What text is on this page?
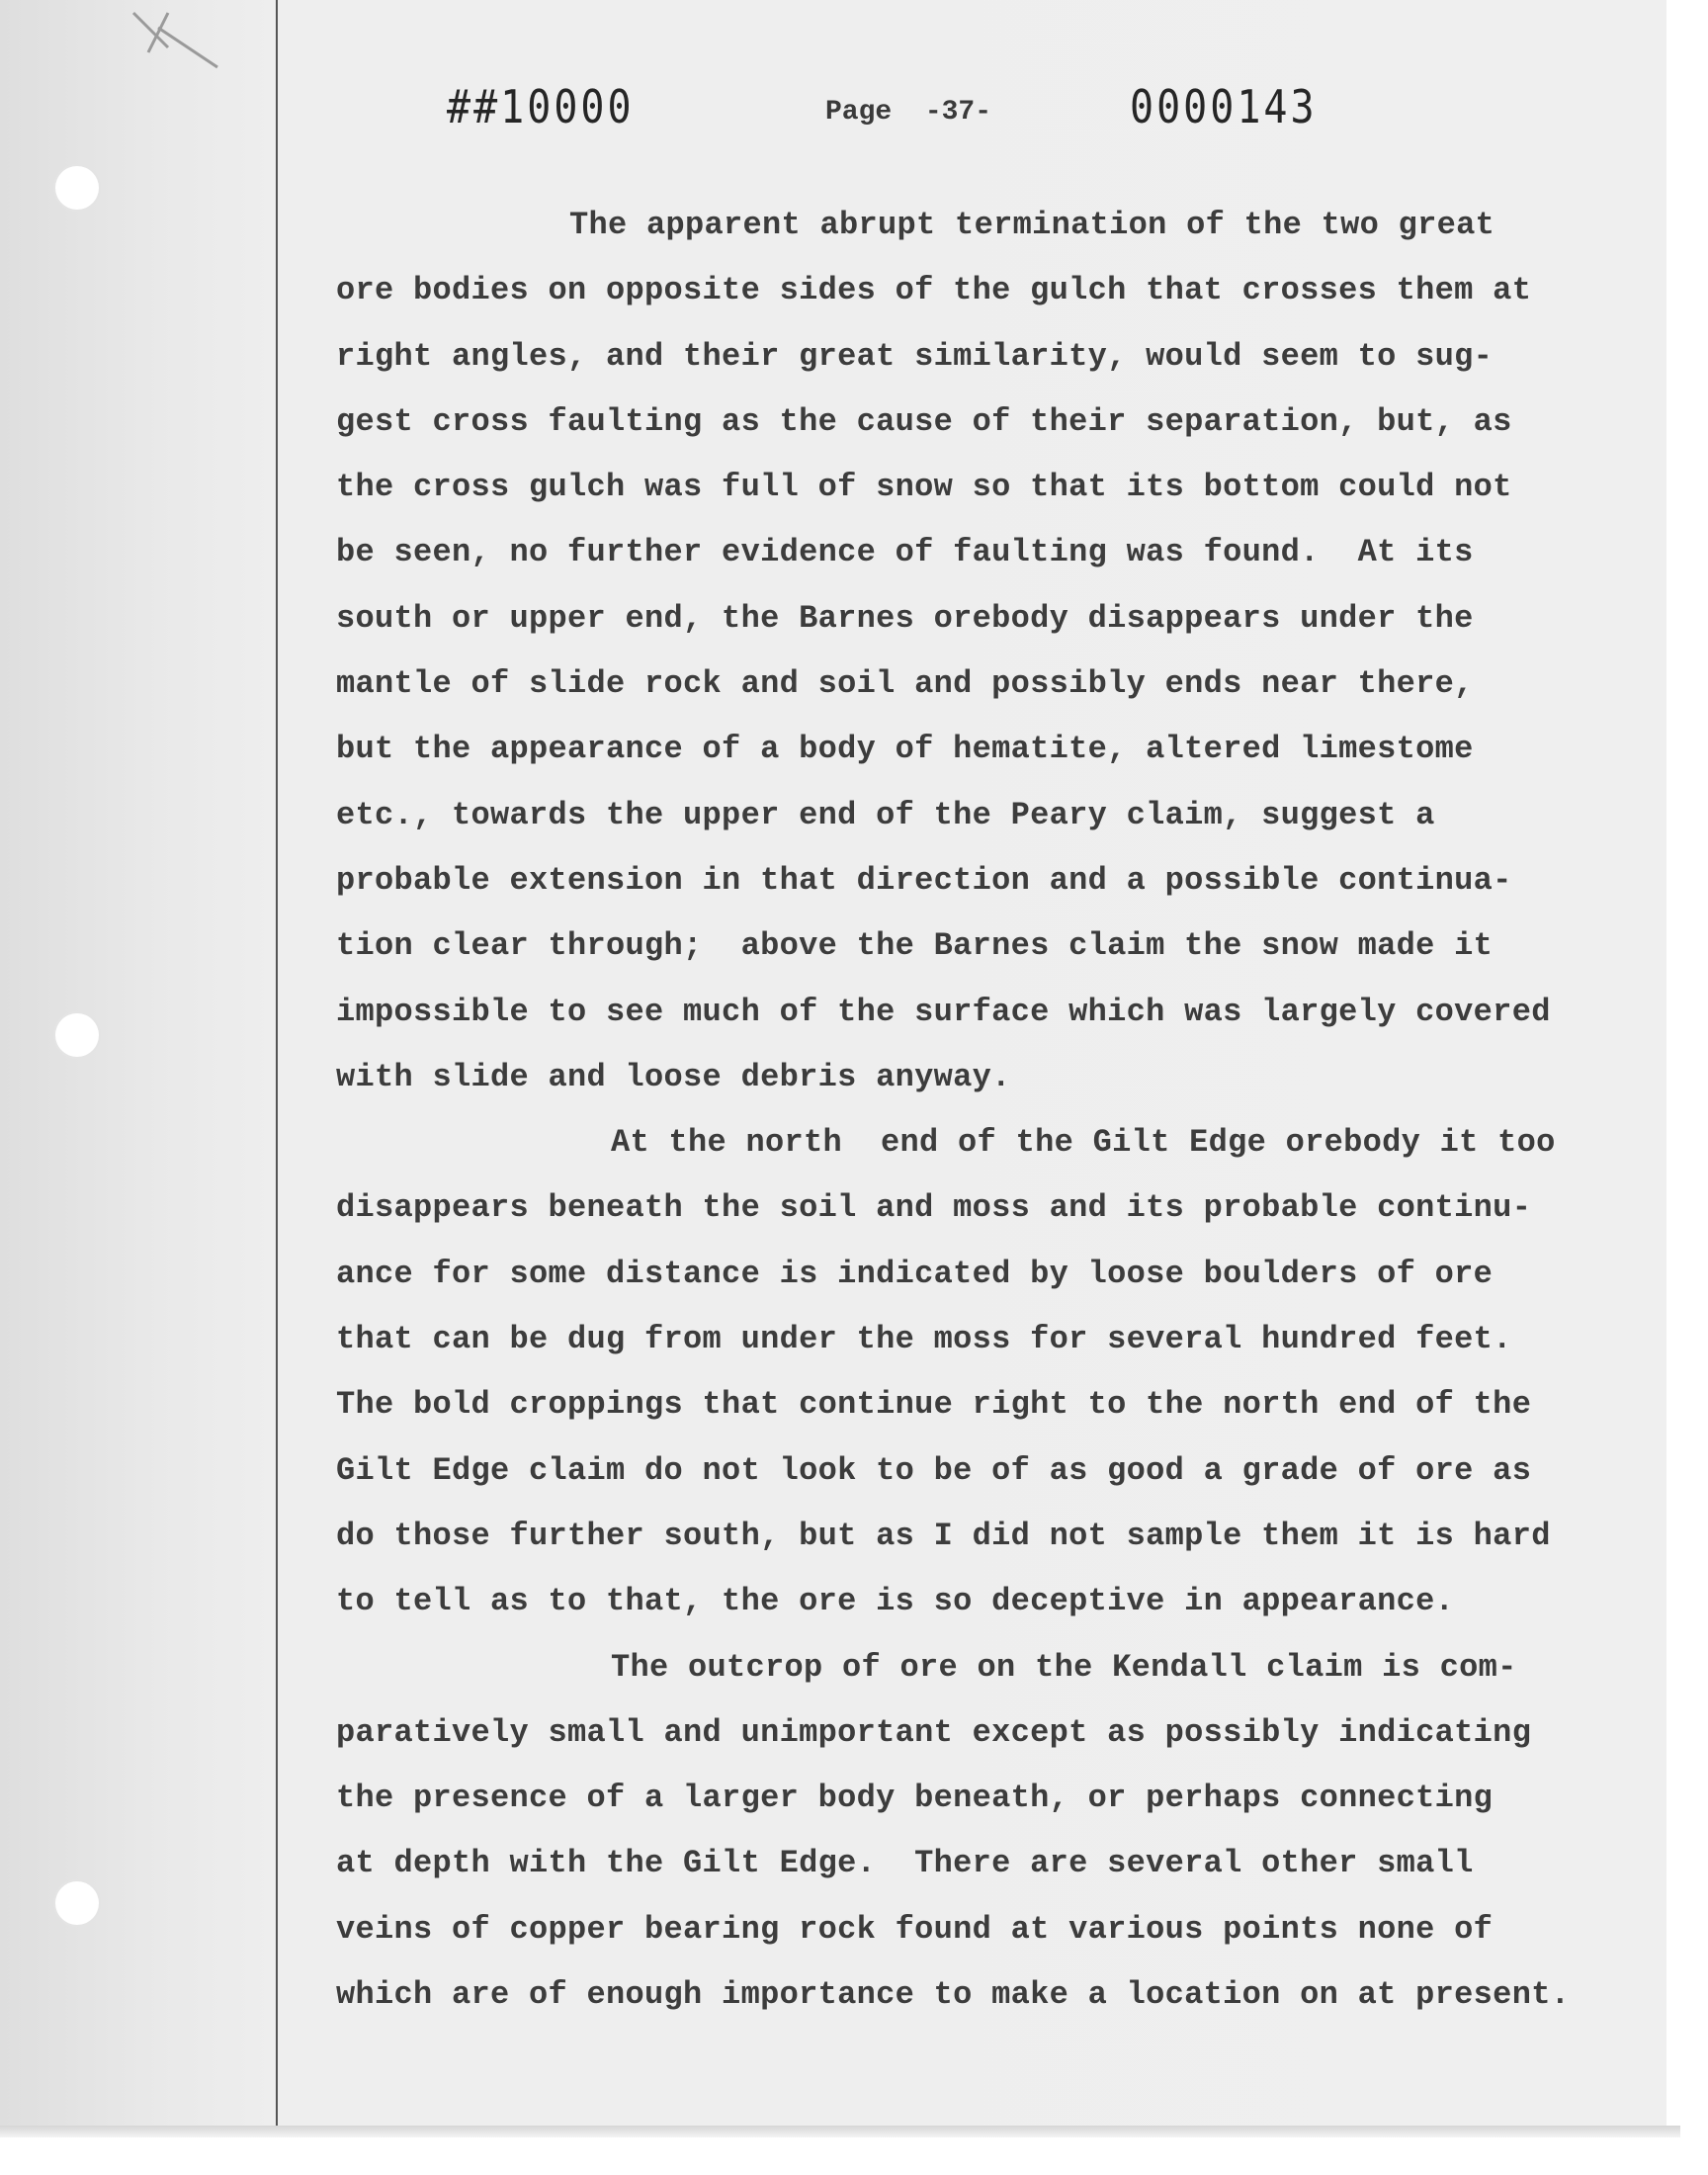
##10000	Page  -37-	0000143
The apparent abrupt termination of the two great
ore bodies on opposite sides of the gulch that crosses them at
right angles, and their great similarity, would seem to sug-
gest cross faulting as the cause of their separation, but, as
the cross gulch was full of snow so that its bottom could not
be seen, no further evidence of faulting was found.  At its
south or upper end, the Barnes orebody disappears under the
mantle of slide rock and soil and possibly ends near there,
but the appearance of a body of hematite, altered limestome
etc., towards the upper end of the Peary claim, suggest a
probable extension in that direction and a possible continua-
tion clear through;  above the Barnes claim the snow made it
impossible to see much of the surface which was largely covered
with slide and loose debris anyway.
At the north  end of the Gilt Edge orebody it too
disappears beneath the soil and moss and its probable continu-
ance for some distance is indicated by loose boulders of ore
that can be dug from under the moss for several hundred feet.
The bold croppings that continue right to the north end of the
Gilt Edge claim do not look to be of as good a grade of ore as
do those further south, but as I did not sample them it is hard
to tell as to that, the ore is so deceptive in appearance.
The outcrop of ore on the Kendall claim is com-
paratively small and unimportant except as possibly indicating
the presence of a larger body beneath, or perhaps connecting
at depth with the Gilt Edge.  There are several other small
veins of copper bearing rock found at various points none of
which are of enough importance to make a location on at present.
